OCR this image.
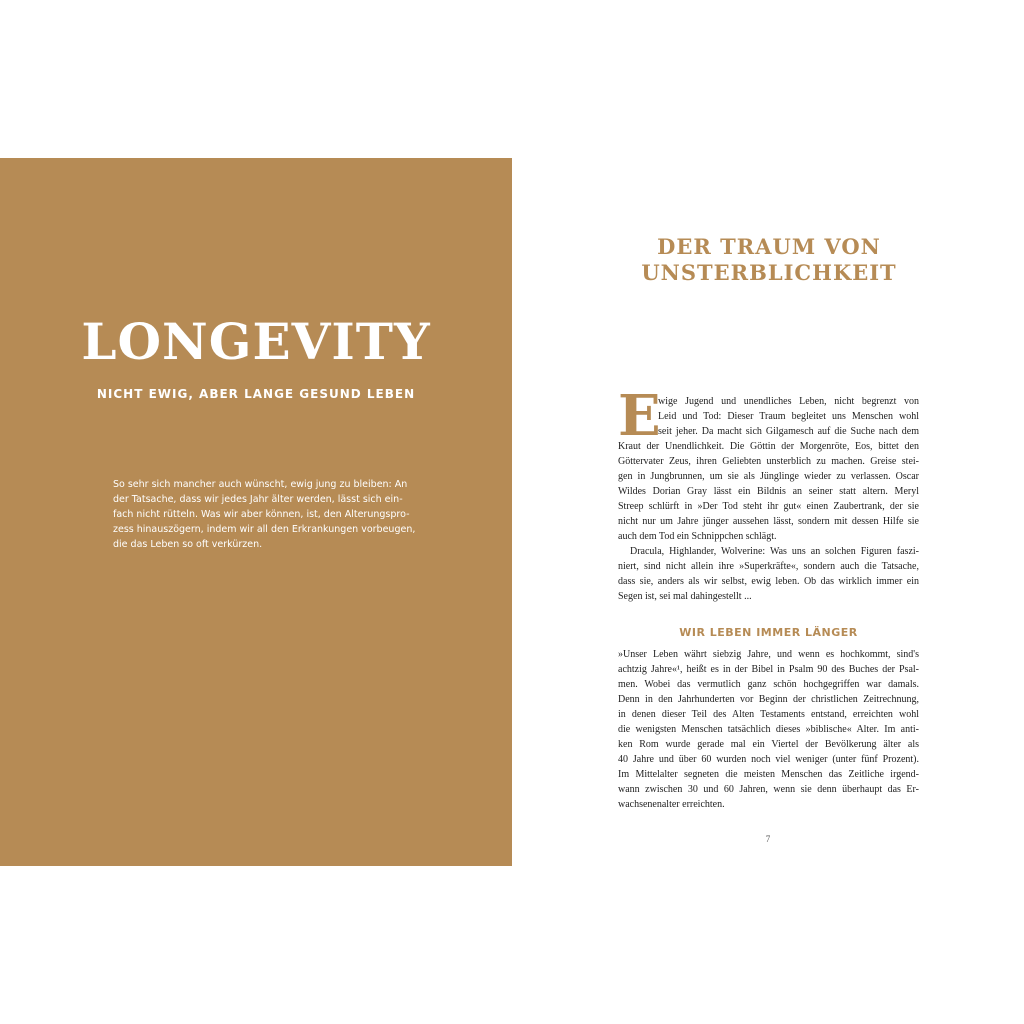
LONGEVITY
NICHT EWIG, ABER LANGE GESUND LEBEN

So sehr sich mancher auch wünscht, ewig jung zu bleiben: An
der Tatsache, dass wir jedes Jahr älter werden, lässt sich ein-
fach nicht rütteln. Was wir aber können, ist, den Alterungspro-
zess hinauszögern, indem wir all den Erkrankungen vorbeugen,
die das Leben so oft verkürzen.

DER TRAUM VON
UNSTERBLICHKEIT
E
wige Jugend und unendliches Leben, nicht begrenzt von
Leid und Tod: Dieser Traum begleitet uns Menschen wohl
seit jeher. Da macht sich Gilgamesch auf die Suche nach dem
Kraut der Unendlichkeit. Die Göttin der Morgenröte, Eos, bittet den
Göttervater Zeus, ihren Geliebten unsterblich zu machen. Greise stei-
gen in Jungbrunnen, um sie als Jünglinge wieder zu verlassen. Oscar
Wildes Dorian Gray lässt ein Bildnis an seiner statt altern. Meryl
Streep schlürft in »Der Tod steht ihr gut« einen Zaubertrank, der sie
nicht nur um Jahre jünger aussehen lässt, sondern mit dessen Hilfe sie
auch dem Tod ein Schnippchen schlägt.
Dracula, Highlander, Wolverine: Was uns an solchen Figuren faszi-
niert, sind nicht allein ihre »Superkräfte«, sondern auch die Tatsache,
dass sie, anders als wir selbst, ewig leben. Ob das wirklich immer ein
Segen ist, sei mal dahingestellt ...
WIR LEBEN IMMER LÄNGER
»Unser Leben währt siebzig Jahre, und wenn es hochkommt, sind's
achtzig Jahre«¹, heißt es in der Bibel in Psalm 90 des Buches der Psal-
men. Wobei das vermutlich ganz schön hochgegriffen war damals.
Denn in den Jahrhunderten vor Beginn der christlichen Zeitrechnung,
in denen dieser Teil des Alten Testaments entstand, erreichten wohl
die wenigsten Menschen tatsächlich dieses »biblische« Alter. Im anti-
ken Rom wurde gerade mal ein Viertel der Bevölkerung älter als
40 Jahre und über 60 wurden noch viel weniger (unter fünf Prozent).
Im Mittelalter segneten die meisten Menschen das Zeitliche irgend-
wann zwischen 30 und 60 Jahren, wenn sie denn überhaupt das Er-
wachsenenalter erreichten.
7
